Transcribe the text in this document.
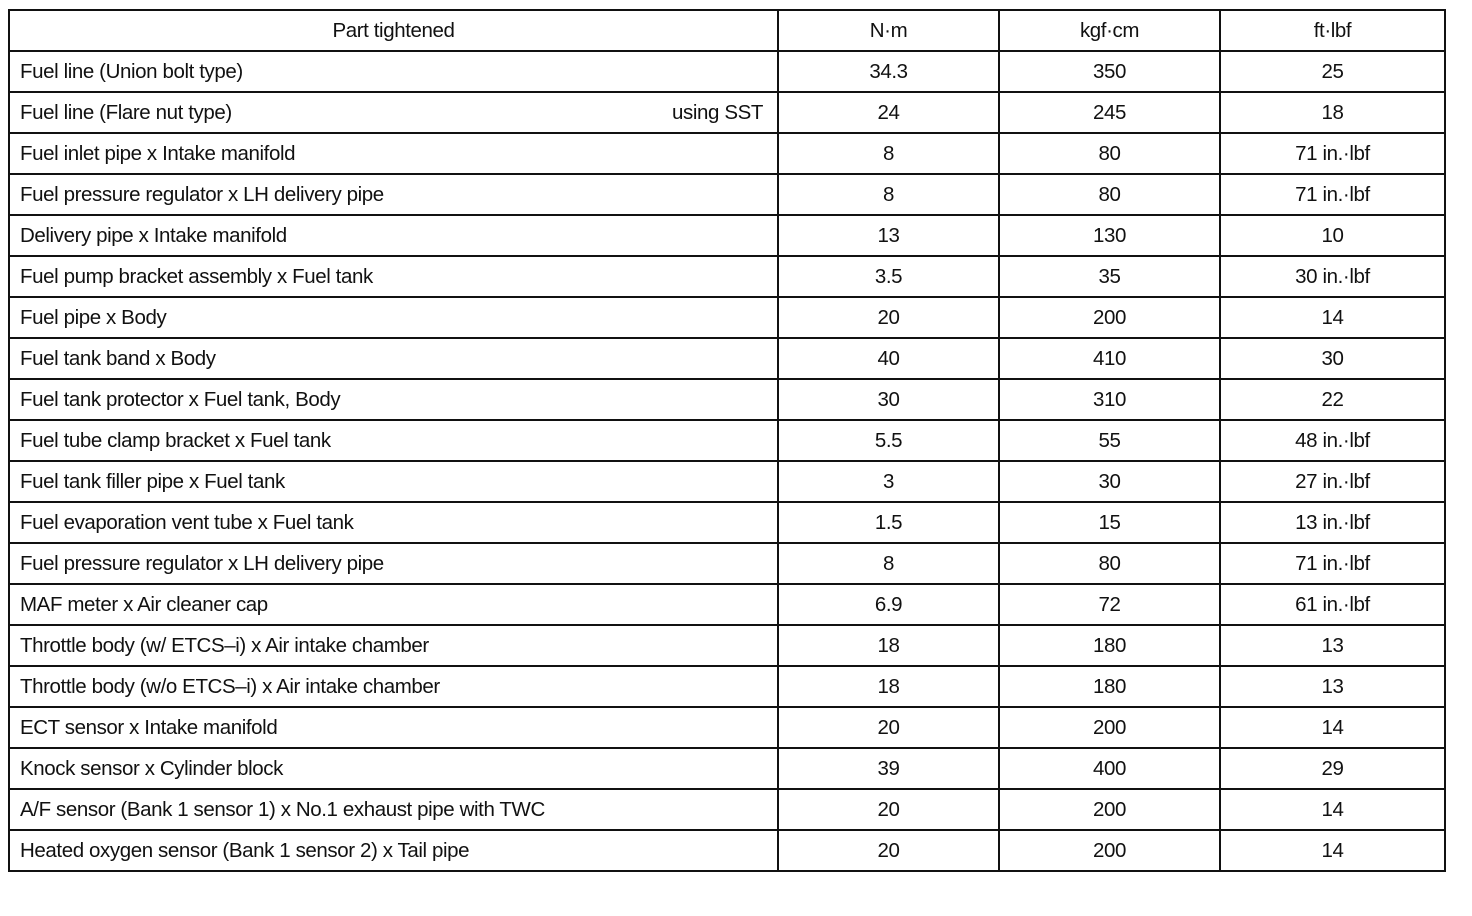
Part tightened	N·m	kgf·cm	ft·lbf

Fuel line (Union bolt type)	34.3	350	25

Fuel line (Flare nut type) using SST	24	245	18

Fuel inlet pipe x Intake manifold	8	80	71 in.·lbf

Fuel pressure regulator x LH delivery pipe	8	80	71 in.·lbf

Delivery pipe x Intake manifold	13	130	10

Fuel pump bracket assembly x Fuel tank	3.5	35	30 in.·lbf

Fuel pipe x Body	20	200	14

Fuel tank band x Body	40	410	30

Fuel tank protector x Fuel tank, Body	30	310	22

Fuel tube clamp bracket x Fuel tank	5.5	55	48 in.·lbf

Fuel tank filler pipe x Fuel tank	3	30	27 in.·lbf

Fuel evaporation vent tube x Fuel tank	1.5	15	13 in.·lbf

Fuel pressure regulator x LH delivery pipe	8	80	71 in.·lbf

MAF meter x Air cleaner cap	6.9	72	61 in.·lbf

Throttle body (w/ ETCS–i) x Air intake chamber	18	180	13

Throttle body (w/o ETCS–i) x Air intake chamber	18	180	13

ECT sensor x Intake manifold	20	200	14

Knock sensor x Cylinder block	39	400	29

A/F sensor (Bank 1 sensor 1) x No.1 exhaust pipe with TWC	20	200	14

Heated oxygen sensor (Bank 1 sensor 2) x Tail pipe	20	200	14
